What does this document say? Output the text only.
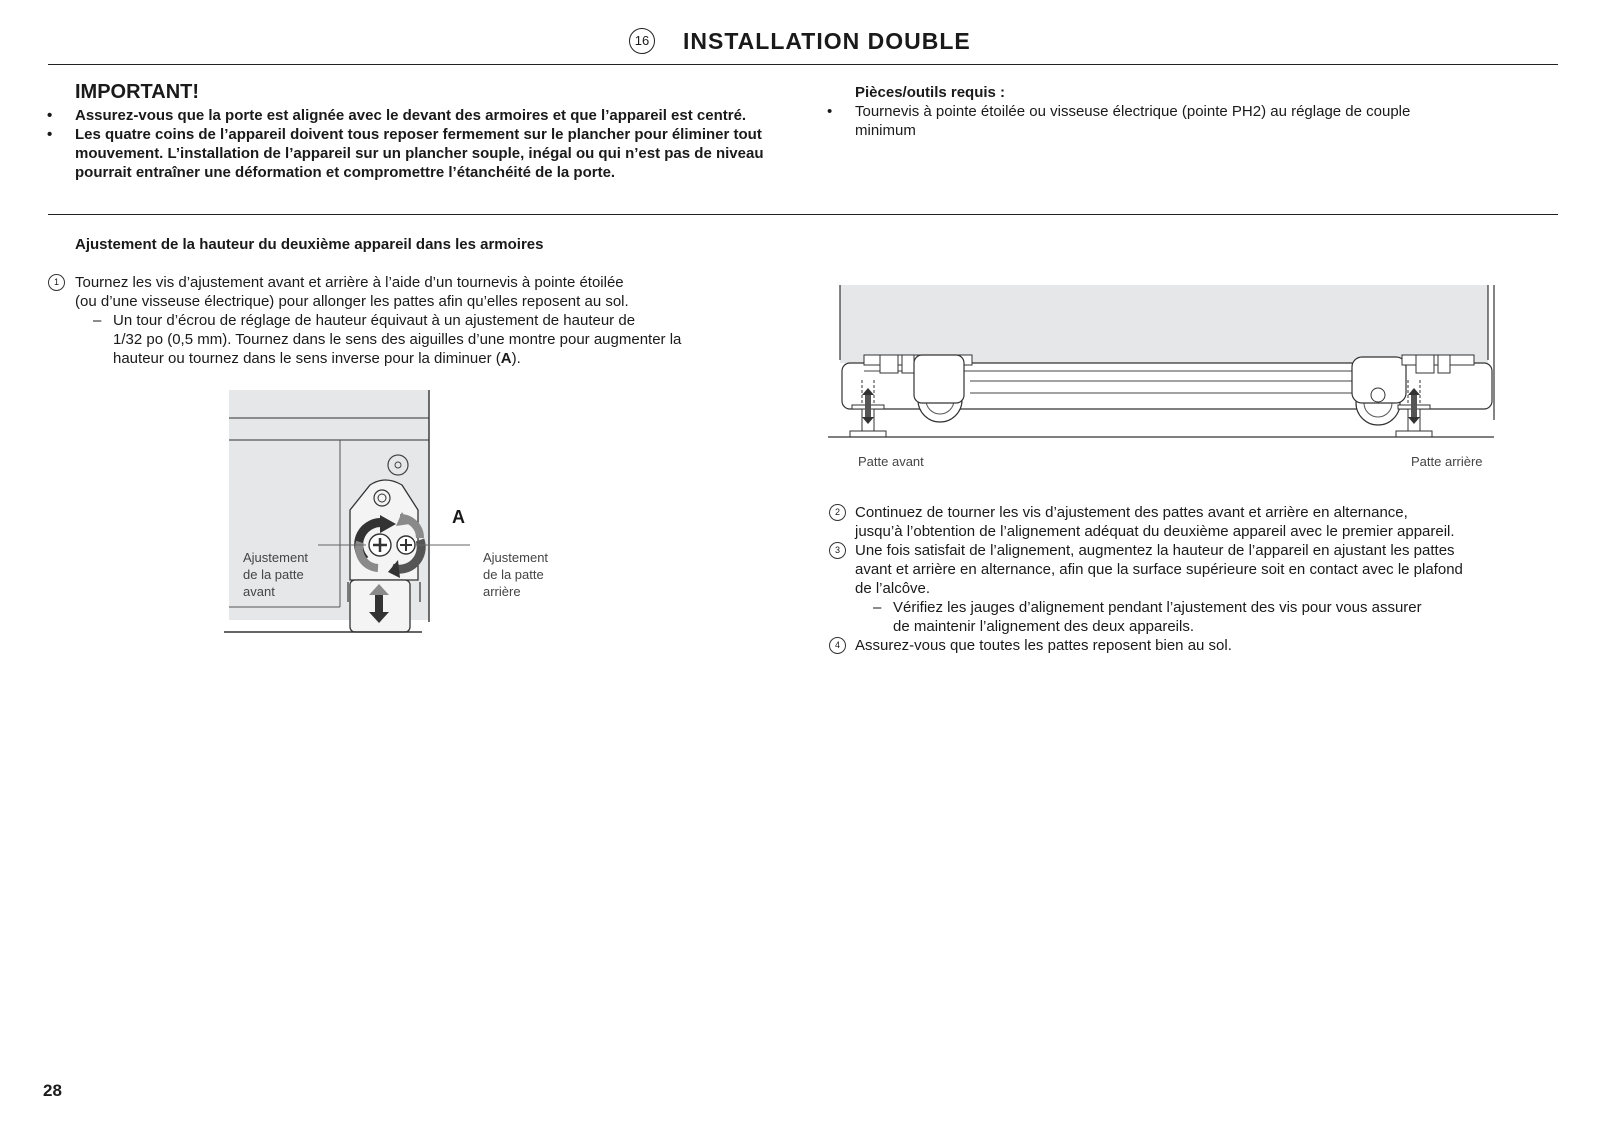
16 INSTALLATION DOUBLE
IMPORTANT!
• Assurez-vous que la porte est alignée avec le devant des armoires et que l’appareil est centré.
• Les quatre coins de l’appareil doivent tous reposer fermement sur le plancher pour éliminer tout mouvement. L’installation de l’appareil sur un plancher souple, inégal ou qui n’est pas de niveau pourrait entraîner une déformation et compromettre l’étanchéité de la porte.
Pièces/outils requis :
• Tournevis à pointe étoilée ou visseuse électrique (pointe PH2) au réglage de couple minimum
Ajustement de la hauteur du deuxième appareil dans les armoires
1	Tournez les vis d’ajustement avant et arrière à l’aide d’un tournevis à pointe étoilée
(ou d’une visseuse électrique) pour allonger les pattes afin qu’elles reposent au sol.
– Un tour d’écrou de réglage de hauteur équivaut à un ajustement de hauteur de
1/32 po (0,5 mm). Tournez dans le sens des aiguilles d’une montre pour augmenter la
hauteur ou tournez dans le sens inverse pour la diminuer (A).
A
Ajustement
de la patte
avant
Ajustement
de la patte
arrière
Patte avant	Patte arrière
2	Continuez de tourner les vis d’ajustement des pattes avant et arrière en alternance,
jusqu’à l’obtention de l’alignement adéquat du deuxième appareil avec le premier appareil.
3	Une fois satisfait de l’alignement, augmentez la hauteur de l’appareil en ajustant les pattes
avant et arrière en alternance, afin que la surface supérieure soit en contact avec le plafond
de l’alcôve.
– Vérifiez les jauges d’alignement pendant l’ajustement des vis pour vous assurer
de maintenir l’alignement des deux appareils.
4	Assurez-vous que toutes les pattes reposent bien au sol.
28
